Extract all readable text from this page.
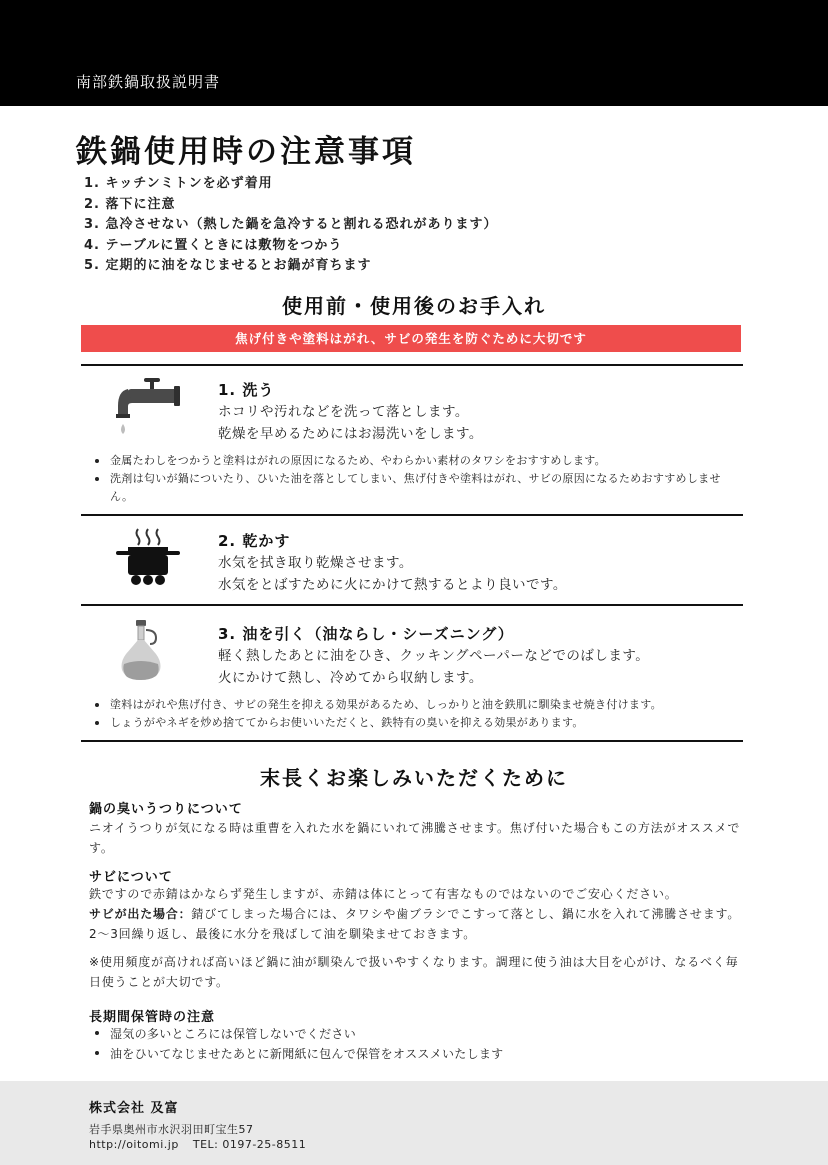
南部鉄鍋取扱説明書
鉄鍋使用時の注意事項
1. キッチンミトンを必ず着用
2. 落下に注意
3. 急冷させない（熱した鍋を急冷すると割れる恐れがあります）
4. テーブルに置くときには敷物をつかう
5. 定期的に油をなじませるとお鍋が育ちます
使用前・使用後のお手入れ
焦げ付きや塗料はがれ、サビの発生を防ぐために大切です
1. 洗う
ホコリや汚れなどを洗って落とします。
乾燥を早めるためにはお湯洗いをします。
金属たわしをつかうと塗料はがれの原因になるため、やわらかい素材のタワシをおすすめします。
洗剤は匂いが鍋についたり、ひいた油を落としてしまい、焦げ付きや塗料はがれ、サビの原因になるためおすすめしません。
2. 乾かす
水気を拭き取り乾燥させます。
水気をとばすために火にかけて熱するとより良いです。
3. 油を引く（油ならし・シーズニング）
軽く熱したあとに油をひき、クッキングペーパーなどでのばします。
火にかけて熱し、冷めてから収納します。
塗料はがれや焦げ付き、サビの発生を抑える効果があるため、しっかりと油を鉄肌に馴染ませ焼き付けます。
しょうがやネギを炒め捨ててからお使いいただくと、鉄特有の臭いを抑える効果があります。
末長くお楽しみいただくために
鍋の臭いうつりについて

ニオイうつりが気になる時は重曹を入れた水を鍋にいれて沸騰させます。焦げ付いた場合もこの方法がオススメです。

サビについて

鉄ですので赤錆はかならず発生しますが、赤錆は体にとって有害なものではないのでご安心ください。
サビが出た場合：錆びてしまった場合には、タワシや歯ブラシでこすって落とし、鍋に水を入れて沸騰させます。2〜3回繰り返し、最後に水分を飛ばして油を馴染ませておきます。

※使用頻度が高ければ高いほど鍋に油が馴染んで扱いやすくなります。調理に使う油は大目を心がけ、なるべく毎日使うことが大切です。

長期間保管時の注意
湿気の多いところには保管しないでください
油をひいてなじませたあとに新聞紙に包んで保管をオススメいたします
株式会社 及富
岩手県奥州市水沢羽田町宝生57
http://oitomi.jp TEL: 0197-25-8511
